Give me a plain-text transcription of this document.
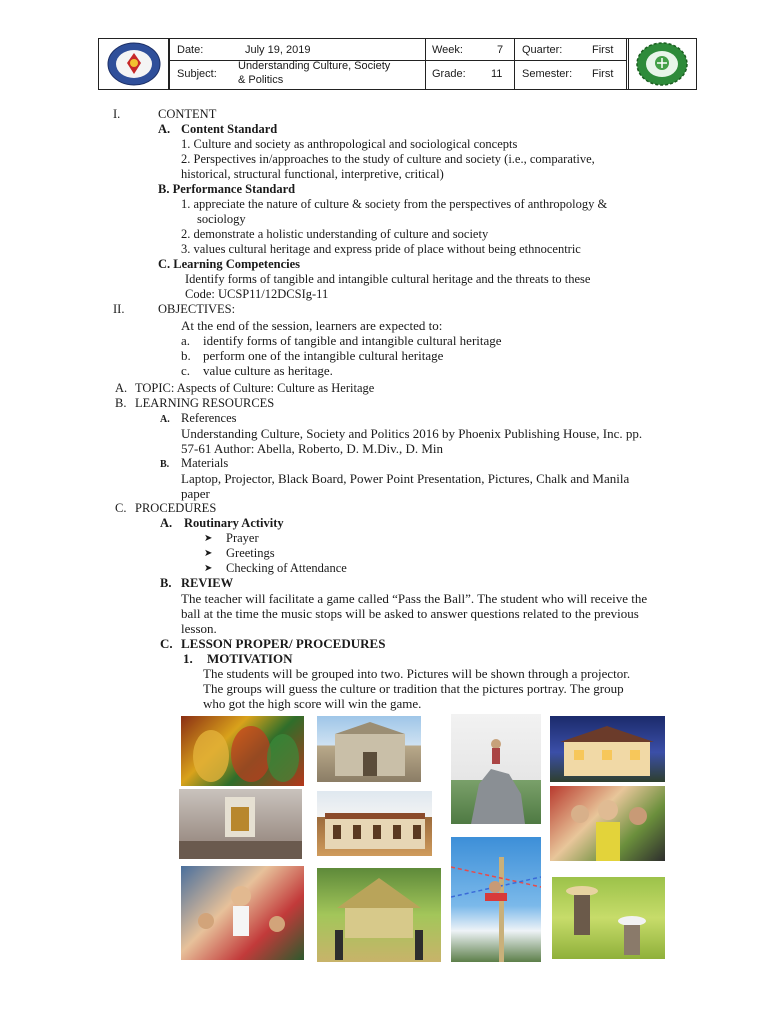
Date:	July 19, 2019	Week:	7 Quarter:	First
Subject:
Understanding Culture, Society
& Politics	Grade: 11 Semester: First
I.	CONTENT
A. Content Standard
1. Culture and society as anthropological and sociological concepts
2. Perspectives in/approaches to the study of culture and society (i.e., comparative,
historical, structural functional, interpretive, critical)
B. Performance Standard
1. appreciate the nature of culture & society from the perspectives of anthropology &
sociology
2. demonstrate a holistic understanding of culture and society
3. values cultural heritage and express pride of place without being ethnocentric
C. Learning Competencies
Identify forms of tangible and intangible cultural heritage and the threats to these
Code: UCSP11/12DCSIg-11
II.	OBJECTIVES:
At the end of the session, learners are expected to:
a. identify forms of tangible and intangible cultural heritage
b. perform one of the intangible cultural heritage
c. value culture as heritage.
A. TOPIC: Aspects of Culture: Culture as Heritage
B. LEARNING RESOURCES
A. References
Understanding Culture, Society and Politics 2016 by Phoenix Publishing House, Inc. pp.
57-61 Author: Abella, Roberto, D. M.Div., D. Min
B. Materials
Laptop, Projector, Black Board, Power Point Presentation, Pictures, Chalk and Manila
paper
C. PROCEDURES
A. Routinary Activity
➤ Prayer
➤ Greetings
➤ Checking of Attendance
B. REVIEW
The teacher will facilitate a game called “Pass the Ball”. The student who will receive the
ball at the time the music stops will be asked to answer questions related to the previous
lesson.
C. LESSON PROPER/ PROCEDURES
1. MOTIVATION
The students will be grouped into two. Pictures will be shown through a projector.
The groups will guess the culture or tradition that the pictures portray. The group
who got the high score will win the game.
